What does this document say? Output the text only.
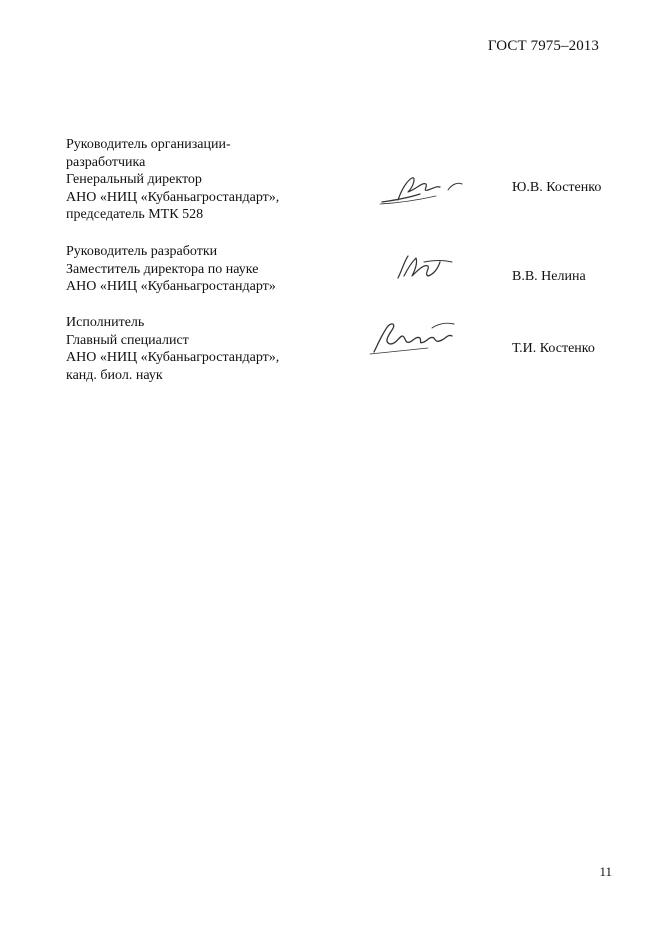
ГОСТ 7975–2013
Руководитель организации-
разработчика
Генеральный директор
АНО «НИЦ «Кубаньагростандарт»,
председатель МТК 528
Ю.В. Костенко
Руководитель разработки
Заместитель директора по науке
АНО «НИЦ «Кубаньагростандарт»
В.В. Нелина
Исполнитель
Главный специалист
АНО «НИЦ «Кубаньагростандарт»,
канд. биол. наук
Т.И. Костенко
11
